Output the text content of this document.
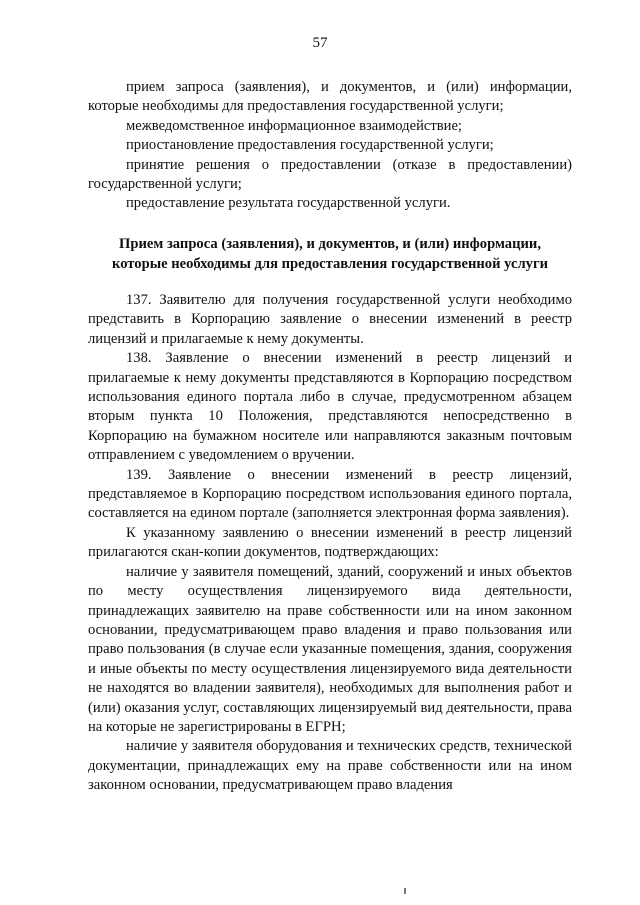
57

прием запроса (заявления), и документов, и (или) информации, которые необходимы для предоставления государственной услуги;

межведомственное информационное взаимодействие;

приостановление предоставления государственной услуги;

принятие решения о предоставлении (отказе в предоставлении) государственной услуги;

предоставление результата государственной услуги.

Прием запроса (заявления), и документов, и (или) информации,
которые необходимы для предоставления государственной услуги

137. Заявителю для получения государственной услуги необходимо представить в Корпорацию заявление о внесении изменений в реестр лицензий и прилагаемые к нему документы.

138. Заявление о внесении изменений в реестр лицензий и прилагаемые к нему документы представляются в Корпорацию посредством использования единого портала либо в случае, предусмотренном абзацем вторым пункта 10 Положения, представляются непосредственно в Корпорацию на бумажном носителе или направляются заказным почтовым отправлением с уведомлением о вручении.

139. Заявление о внесении изменений в реестр лицензий, представляемое в Корпорацию посредством использования единого портала, составляется на едином портале (заполняется электронная форма заявления).

К указанному заявлению о внесении изменений в реестр лицензий прилагаются скан-копии документов, подтверждающих:

наличие у заявителя помещений, зданий, сооружений и иных объектов по месту осуществления лицензируемого вида деятельности, принадлежащих заявителю на праве собственности или на ином законном основании, предусматривающем право владения и право пользования или право пользования (в случае если указанные помещения, здания, сооружения и иные объекты по месту осуществления лицензируемого вида деятельности не находятся во владении заявителя), необходимых для выполнения работ и (или) оказания услуг, составляющих лицензируемый вид деятельности, права на которые не зарегистрированы в ЕГРН;

наличие у заявителя оборудования и технических средств, технической документации, принадлежащих ему на праве собственности или на ином законном основании, предусматривающем право владения
